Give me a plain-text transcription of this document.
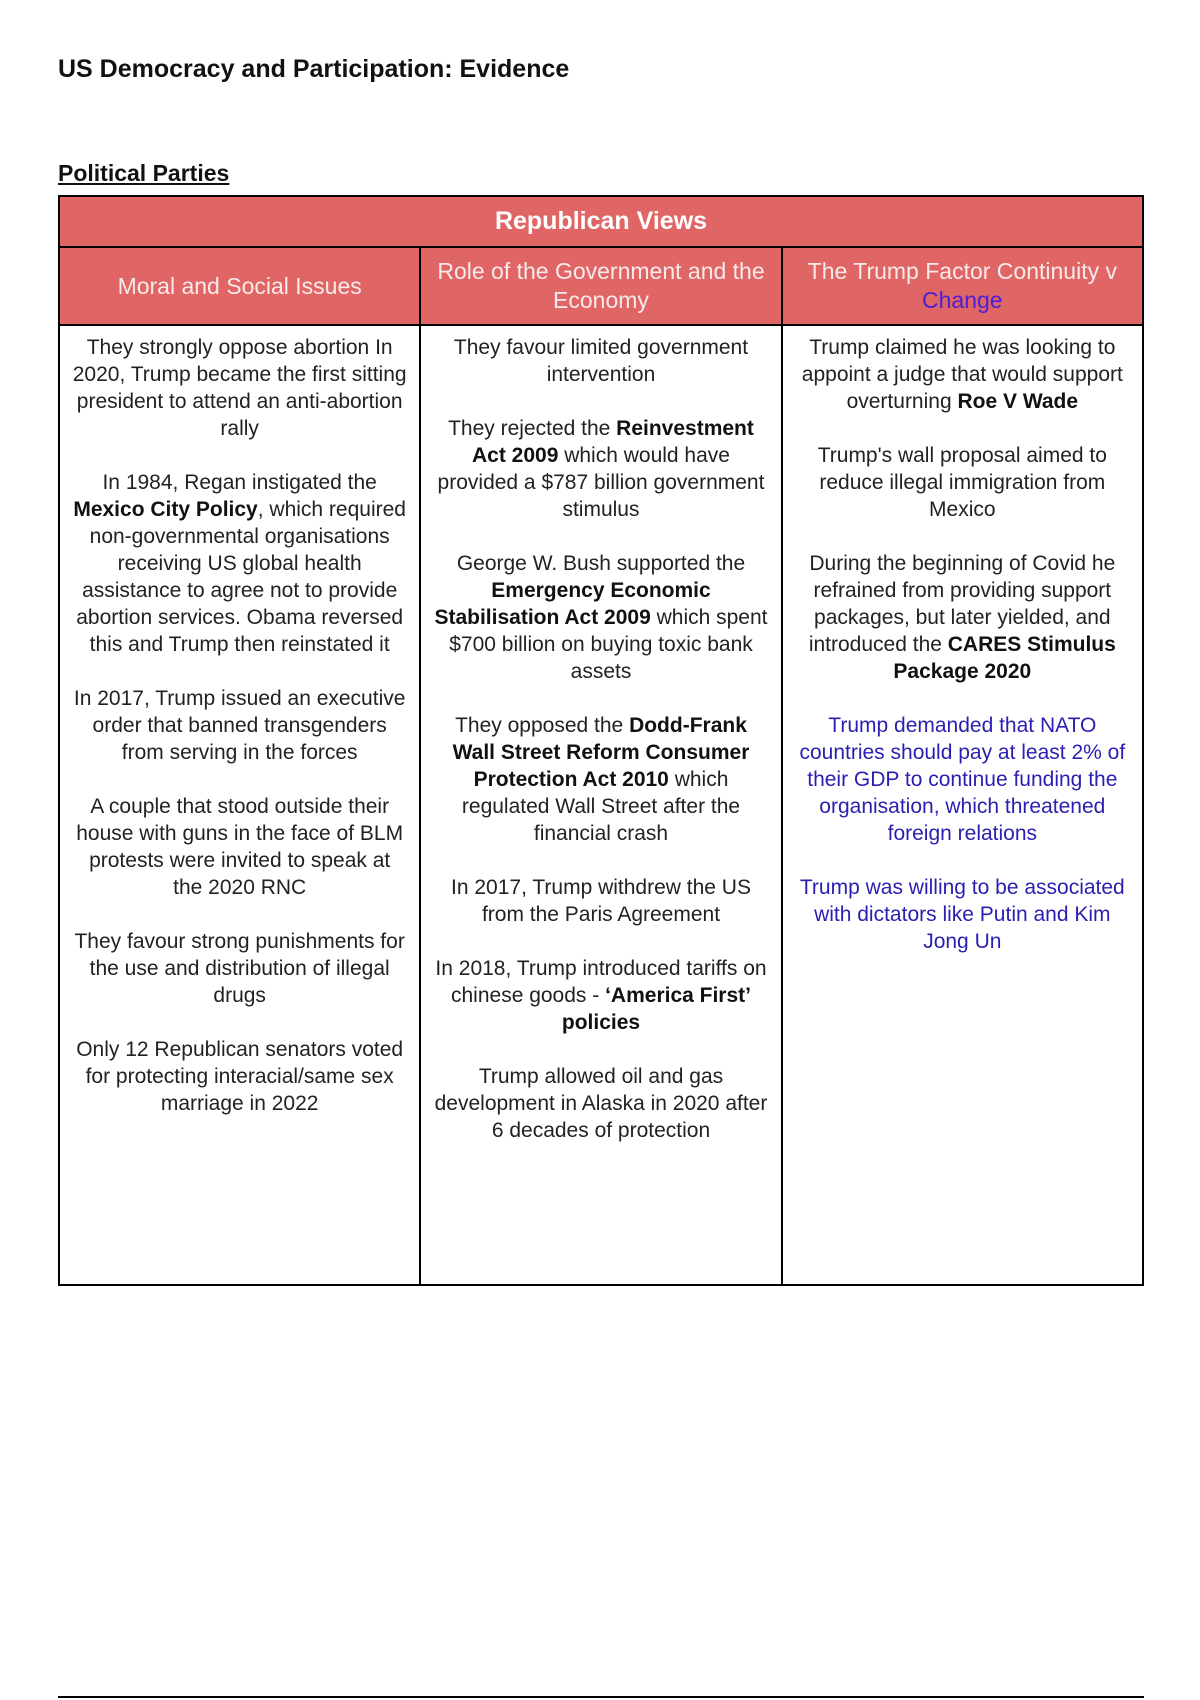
US Democracy and Participation: Evidence
Political Parties
Republican Views
Moral and Social Issues
Role of the Government and the Economy
The Trump Factor Continuity v Change

They strongly oppose abortion In 2020, Trump became the first sitting president to attend an anti-abortion rally

In 1984, Regan instigated the Mexico City Policy, which required non-governmental organisations receiving US global health assistance to agree not to provide abortion services. Obama reversed this and Trump then reinstated it

In 2017, Trump issued an executive order that banned transgenders from serving in the forces

A couple that stood outside their house with guns in the face of BLM protests were invited to speak at the 2020 RNC

They favour strong punishments for the use and distribution of illegal drugs

Only 12 Republican senators voted for protecting interacial/same sex marriage in 2022

They favour limited government intervention

They rejected the Reinvestment Act 2009 which would have provided a $787 billion government stimulus

George W. Bush supported the Emergency Economic Stabilisation Act 2009 which spent $700 billion on buying toxic bank assets

They opposed the Dodd-Frank Wall Street Reform Consumer Protection Act 2010 which regulated Wall Street after the financial crash

In 2017, Trump withdrew the US from the Paris Agreement

In 2018, Trump introduced tariffs on chinese goods - ‘America First’ policies

Trump allowed oil and gas development in Alaska in 2020 after 6 decades of protection

Trump claimed he was looking to appoint a judge that would support overturning Roe V Wade

Trump's wall proposal aimed to reduce illegal immigration from Mexico

During the beginning of Covid he refrained from providing support packages, but later yielded, and introduced the CARES Stimulus Package 2020

Trump demanded that NATO countries should pay at least 2% of their GDP to continue funding the organisation, which threatened foreign relations

Trump was willing to be associated with dictators like Putin and Kim Jong Un
